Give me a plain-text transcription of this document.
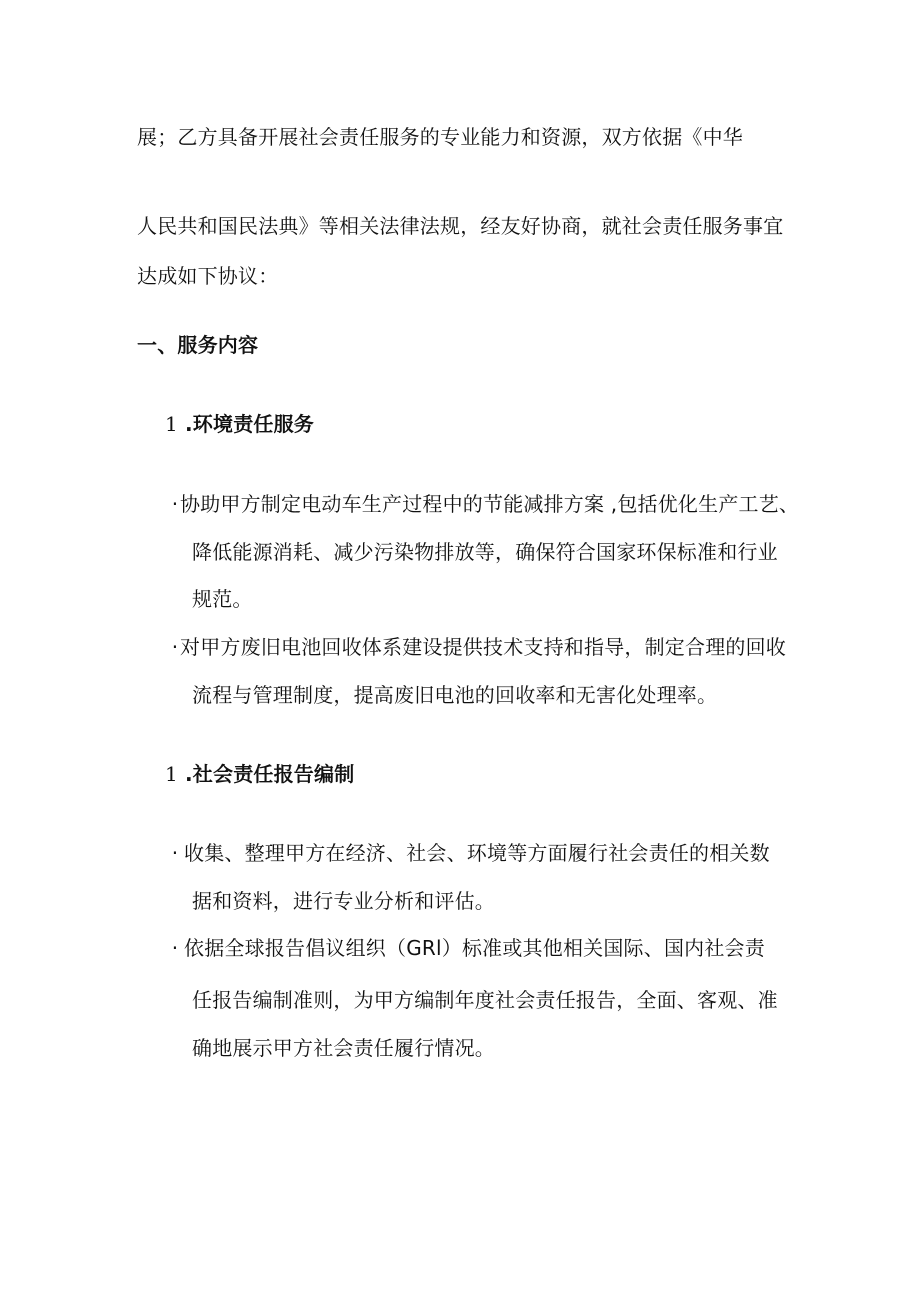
展；乙方具备开展社会责任服务的专业能力和资源，双方依据《中华
人民共和国民法典》等相关法律法规，经友好协商，就社会责任服务事宜
达成如下协议：
一、服务内容
1 .环境责任服务
·协助甲方制定电动车生产过程中的节能减排方案 ,包括优化生产工艺、
降低能源消耗、减少污染物排放等，确保符合国家环保标准和行业
规范。
·对甲方废旧电池回收体系建设提供技术支持和指导，制定合理的回收
流程与管理制度，提高废旧电池的回收率和无害化处理率。
1 .社会责任报告编制
· 收集、整理甲方在经济、社会、环境等方面履行社会责任的相关数
据和资料，进行专业分析和评估。
· 依据全球报告倡议组织（GRl）标准或其他相关国际、国内社会责
任报告编制准则，为甲方编制年度社会责任报告，全面、客观、准
确地展示甲方社会责任履行情况。
